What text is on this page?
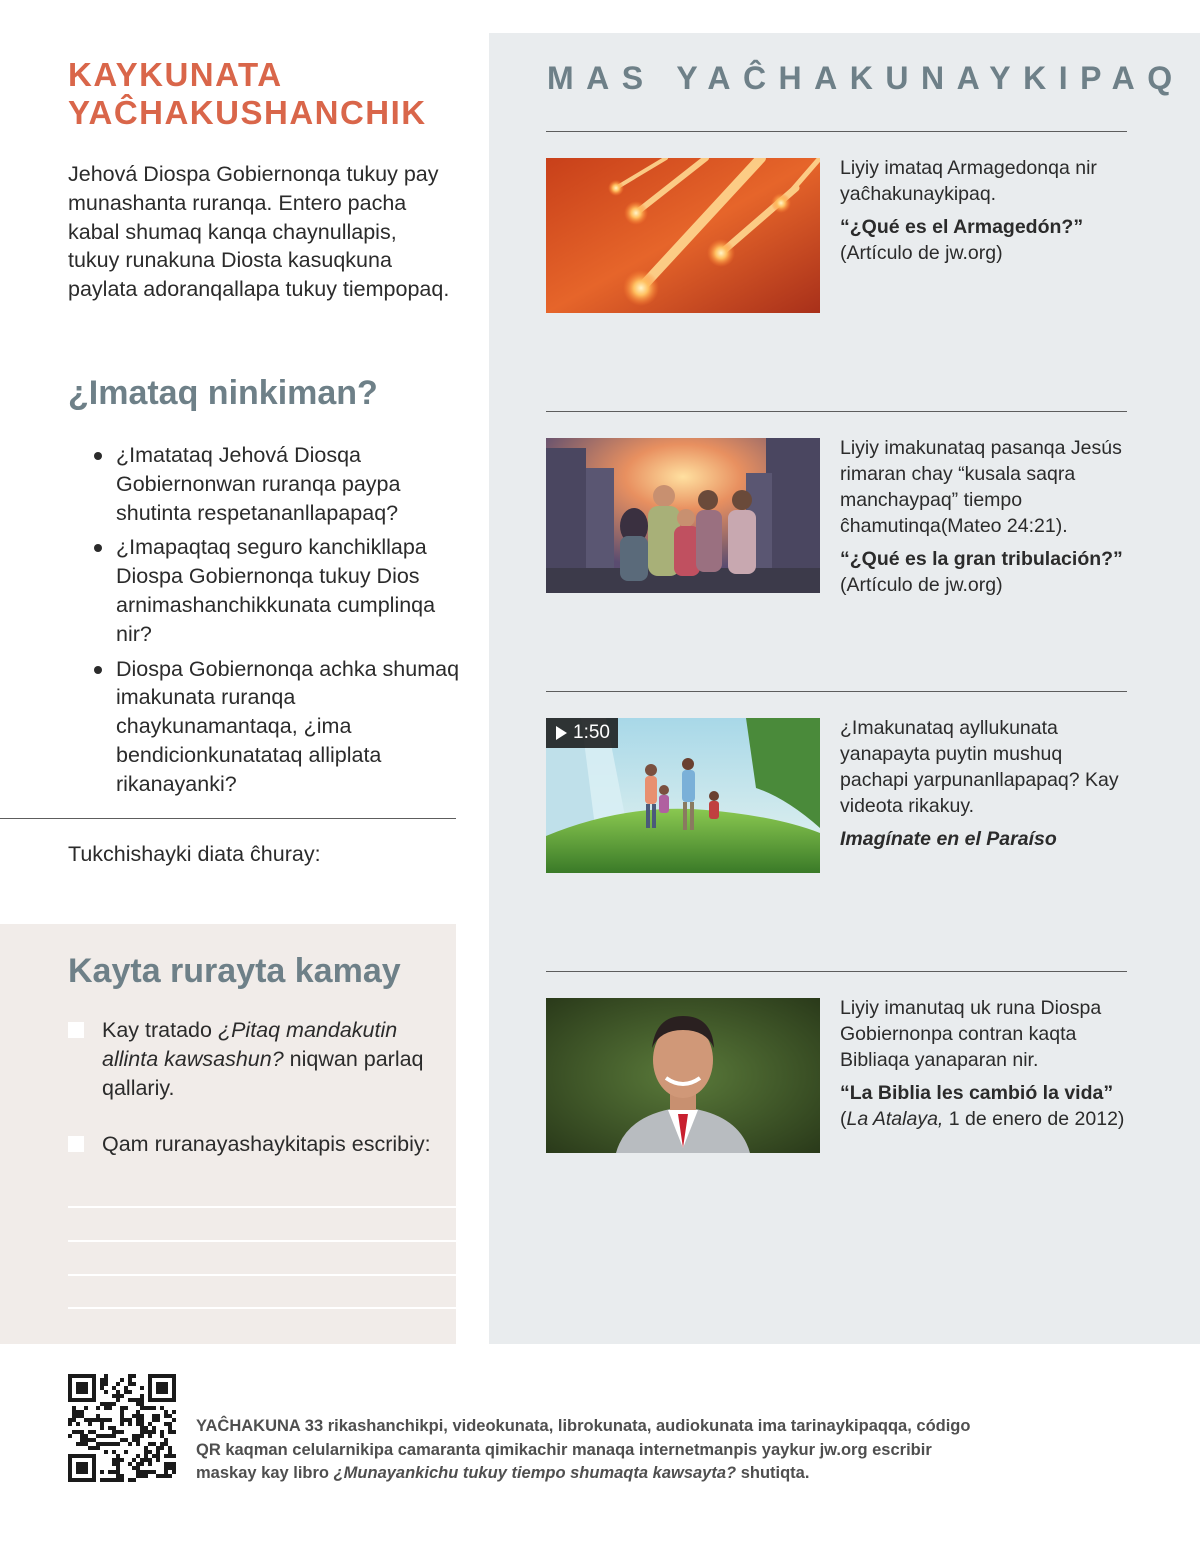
KAYKUNATA
YAĈHAKUSHANCHIK

Jehová Diospa Gobiernonqa tukuy pay munashanta ruranqa. Entero pacha kabal shumaq kanqa chaynullapis, tukuy runakuna Diosta kasuqkuna paylata adoranqallapa tukuy tiempopaq.

¿Imataq ninkiman?
¿Imatataq Jehová Diosqa Gobiernonwan ruranqa paypa shutinta respetananllapapaq?
¿Imapaqtaq seguro kanchikllapa Diospa Gobiernonqa tukuy Dios arnimashanchikkunata cumplinqa nir?
Diospa Gobiernonqa achka shumaq imakunata ruranqa chaykunamantaqa, ¿ima bendicionkunatataq alliplata rikanayanki?

Tukchishayki diata ĉhuray:

Kayta rurayta kamay
Kay tratado ¿Pitaq mandakutin allinta kawsashun? niqwan parlaq qallariy.
Qam ruranayashaykitapis escribiy:
MAS YAĈHAKUNAYKIPAQ
Liyiy imataq Armagedonqa nir yaĉhakunaykipaq.
“¿Qué es el Armagedón?”
(Artículo de jw.org)
Liyiy imakunataq pasanqa Jesús rimaran chay “kusala saqra manchaypaq” tiempo ĉhamutinqa(Mateo 24:21).
“¿Qué es la gran tribulación?”
(Artículo de jw.org)
1:50	¿Imakunataq ayllukunata yanapayta puytin mushuq pachapi yarpunanllapapaq? Kay videota rikakuy.
Imagínate en el Paraíso
Liyiy imanutaq uk runa Diospa Gobiernonpa contran kaqta Bibliaqa yanaparan nir.
“La Biblia les cambió la vida”
(La Atalaya, 1 de enero de 2012)

YAĈHAKUNA 33 rikashanchikpi, videokunata, librokunata, audiokunata ima tarinaykipaqqa, código QR kaqman celularnikipa camaranta qimikachir manaqa internetmanpis yaykur jw.org escribir maskay kay libro ¿Munayankichu tukuy tiempo shumaqta kawsayta? shutiqta.
